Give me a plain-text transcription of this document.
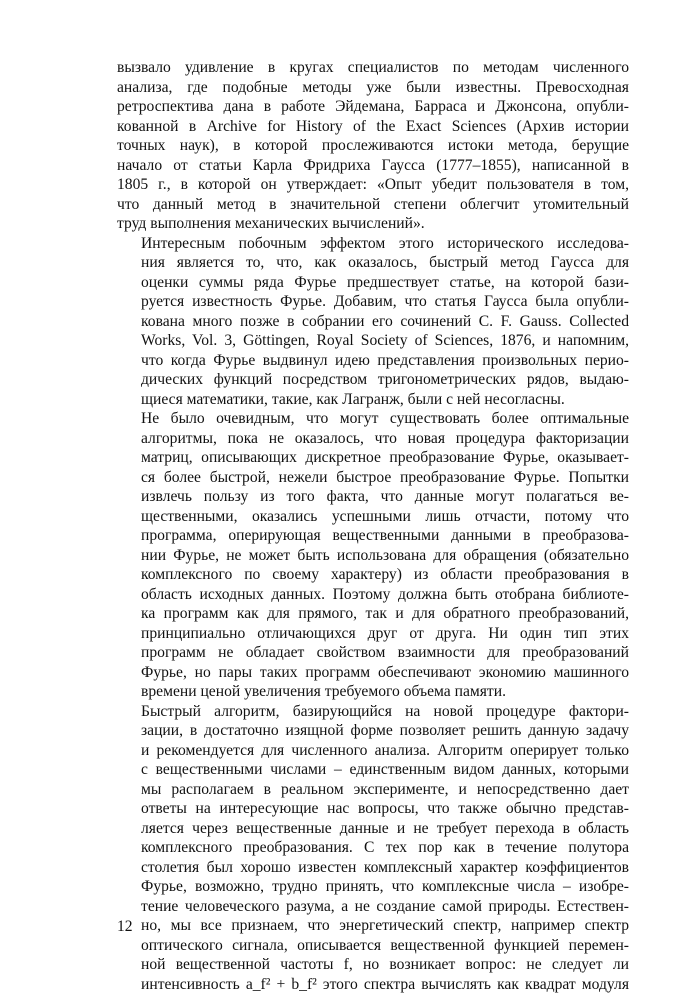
вызвало удивление в кругах специалистов по методам численного
анализа, где подобные методы уже были известны. Превосходная
ретроспектива дана в работе Эйдемана, Барраса и Джонсона, опубли-
кованной в Archive for History of the Exact Sciences (Архив истории
точных наук), в которой прослеживаются истоки метода, берущие
начало от статьи Карла Фридриха Гаусса (1777–1855), написанной в
1805 г., в которой он утверждает: «Опыт убедит пользователя в том,
что данный метод в значительной степени облегчит утомительный
труд выполнения механических вычислений».

Интересным побочным эффектом этого исторического исследова-
ния является то, что, как оказалось, быстрый метод Гаусса для
оценки суммы ряда Фурье предшествует статье, на которой бази-
руется известность Фурье. Добавим, что статья Гаусса была опубли-
кована много позже в собрании его сочинений C. F. Gauss. Collected
Works, Vol. 3, Göttingen, Royal Society of Sciences, 1876, и напомним,
что когда Фурье выдвинул идею представления произвольных перио-
дических функций посредством тригонометрических рядов, выдаю-
щиеся математики, такие, как Лагранж, были с ней несогласны.

Не было очевидным, что могут существовать более оптимальные
алгоритмы, пока не оказалось, что новая процедура факторизации
матриц, описывающих дискретное преобразование Фурье, оказывает-
ся более быстрой, нежели быстрое преобразование Фурье. Попытки
извлечь пользу из того факта, что данные могут полагаться ве-
щественными, оказались успешными лишь отчасти, потому что
программа, оперирующая вещественными данными в преобразова-
нии Фурье, не может быть использована для обращения (обязательно
комплексного по своему характеру) из области преобразования в
область исходных данных. Поэтому должна быть отобрана библиоте-
ка программ как для прямого, так и для обратного преобразований,
принципиально отличающихся друг от друга. Ни один тип этих
программ не обладает свойством взаимности для преобразований
Фурье, но пары таких программ обеспечивают экономию машинного
времени ценой увеличения требуемого объема памяти.

Быстрый алгоритм, базирующийся на новой процедуре фактори-
зации, в достаточно изящной форме позволяет решить данную задачу
и рекомендуется для численного анализа. Алгоритм оперирует только
с вещественными числами – единственным видом данных, которыми
мы располагаем в реальном эксперименте, и непосредственно дает
ответы на интересующие нас вопросы, что также обычно представ-
ляется через вещественные данные и не требует перехода в область
комплексного преобразования. С тех пор как в течение полутора
столетия был хорошо известен комплексный характер коэффициентов
Фурье, возможно, трудно принять, что комплексные числа – изобре-
тение человеческого разума, а не создание самой природы. Естествен-
но, мы все признаем, что энергетический спектр, например спектр
оптического сигнала, описывается вещественной функцией перемен-
ной вещественной частоты f, но возникает вопрос: не следует ли
интенсивность a_f² + b_f² этого спектра вычислять как квадрат модуля

12
